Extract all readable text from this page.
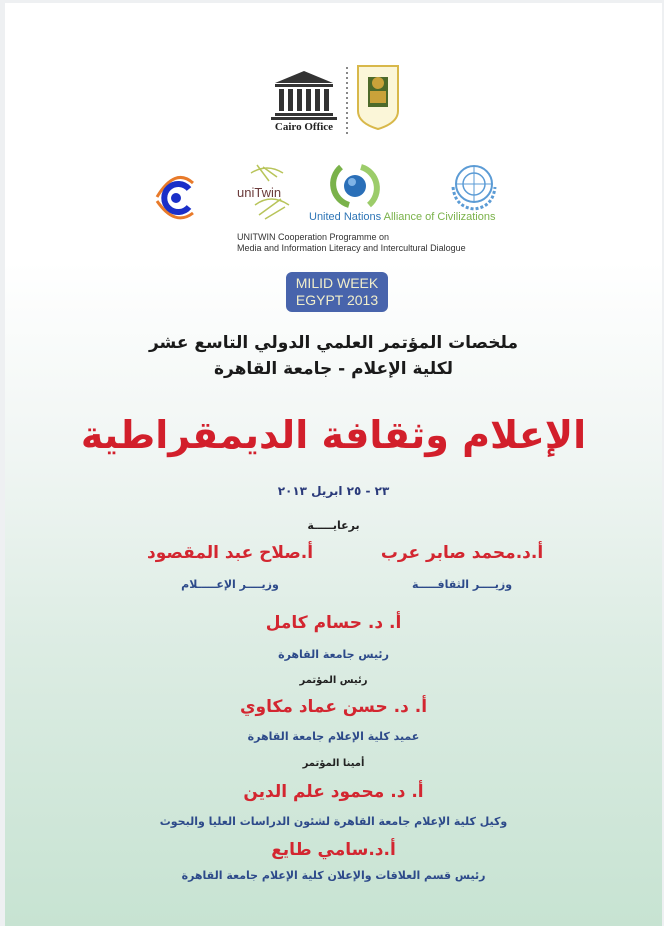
Cairo Office
uniTwin
United Nations Alliance of Civilizations
UNITWIN Cooperation Programme on
Media and Information Literacy and Intercultural Dialogue
MILID WEEK
EGYPT 2013
ملخصات المؤتمر العلمي الدولي التاسع عشر
لكلية الإعلام - جامعة القاهرة
الإعلام وثقافة الديمقراطية
٢٣ - ٢٥ ابريل ٢٠١٣
برعايـــــة
أ.د.محمد صابر عرب
وزيــــر الثقافـــــة
أ.صلاح عبد المقصود
وزيــــر الإعـــــلام
أ. د. حسام كامل
رئيس جامعة القاهرة
رئيس المؤتمر
أ. د. حسن عماد مكاوي
عميد كلية الإعلام جامعة القاهرة
أمينا المؤتمر
أ. د. محمود علم الدين
وكيل كلية الإعلام جامعة القاهرة لشئون الدراسات العليا والبحوث
أ.د.سامي طايع
رئيس قسم العلاقات والإعلان كلية الإعلام جامعة القاهرة
